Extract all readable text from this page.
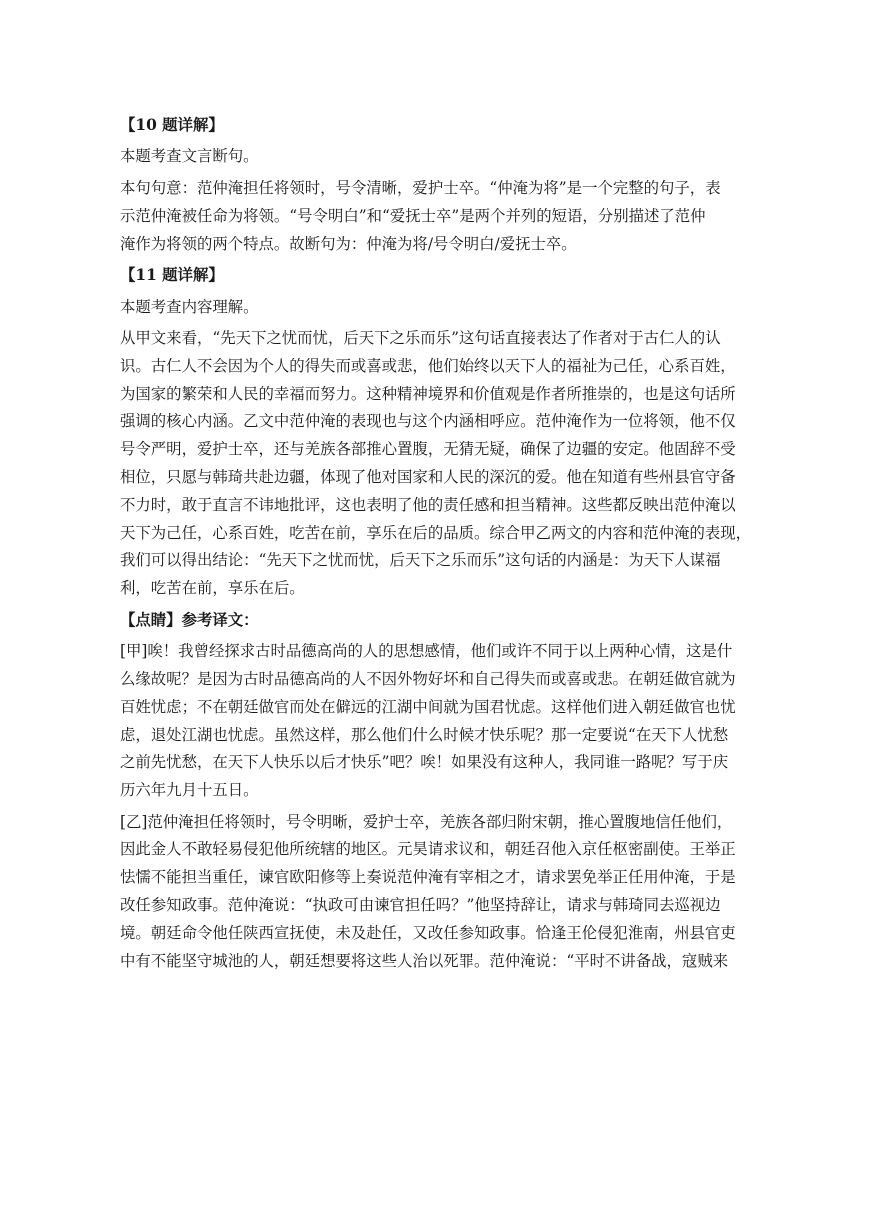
【10 题详解】

本题考查文言断句。

本句句意：范仲淹担任将领时，号令清晰，爱护士卒。“仲淹为将”是一个完整的句子，表

示范仲淹被任命为将领。“号令明白”和“爱抚士卒”是两个并列的短语，分别描述了范仲

淹作为将领的两个特点。故断句为：仲淹为将/号令明白/爱抚士卒。

【11 题详解】

本题考查内容理解。

从甲文来看，“先天下之忧而忧，后天下之乐而乐”这句话直接表达了作者对于古仁人的认

识。古仁人不会因为个人的得失而或喜或悲，他们始终以天下人的福祉为己任，心系百姓，

为国家的繁荣和人民的幸福而努力。这种精神境界和价值观是作者所推崇的，也是这句话所

强调的核心内涵。乙文中范仲淹的表现也与这个内涵相呼应。范仲淹作为一位将领，他不仅

号令严明，爱护士卒，还与羌族各部推心置腹，无猜无疑，确保了边疆的安定。他固辞不受

相位，只愿与韩琦共赴边疆，体现了他对国家和人民的深沉的爱。他在知道有些州县官守备

不力时，敢于直言不讳地批评，这也表明了他的责任感和担当精神。这些都反映出范仲淹以

天下为己任，心系百姓，吃苦在前，享乐在后的品质。综合甲乙两文的内容和范仲淹的表现，

我们可以得出结论：“先天下之忧而忧，后天下之乐而乐”这句话的内涵是：为天下人谋福

利，吃苦在前，享乐在后。

【点睛】参考译文：

[甲]唉！我曾经探求古时品德高尚的人的思想感情，他们或许不同于以上两种心情，这是什

么缘故呢？是因为古时品德高尚的人不因外物好坏和自己得失而或喜或悲。在朝廷做官就为

百姓忧虑；不在朝廷做官而处在僻远的江湖中间就为国君忧虑。这样他们进入朝廷做官也忧

虑，退处江湖也忧虑。虽然这样，那么他们什么时候才快乐呢？那一定要说“在天下人忧愁

之前先忧愁，在天下人快乐以后才快乐”吧？唉！如果没有这种人，我同谁一路呢？写于庆

历六年九月十五日。

[乙]范仲淹担任将领时，号令明晰，爱护士卒，羌族各部归附宋朝，推心置腹地信任他们，

因此金人不敢轻易侵犯他所统辖的地区。元昊请求议和，朝廷召他入京任枢密副使。王举正

怯懦不能担当重任，谏官欧阳修等上奏说范仲淹有宰相之才，请求罢免举正任用仲淹，于是

改任参知政事。范仲淹说：“执政可由谏官担任吗？”他坚持辞让，请求与韩琦同去巡视边

境。朝廷命令他任陕西宣抚使，未及赴任，又改任参知政事。恰逢王伦侵犯淮南，州县官吏

中有不能坚守城池的人，朝廷想要将这些人治以死罪。范仲淹说：“平时不讲备战，寇贼来
